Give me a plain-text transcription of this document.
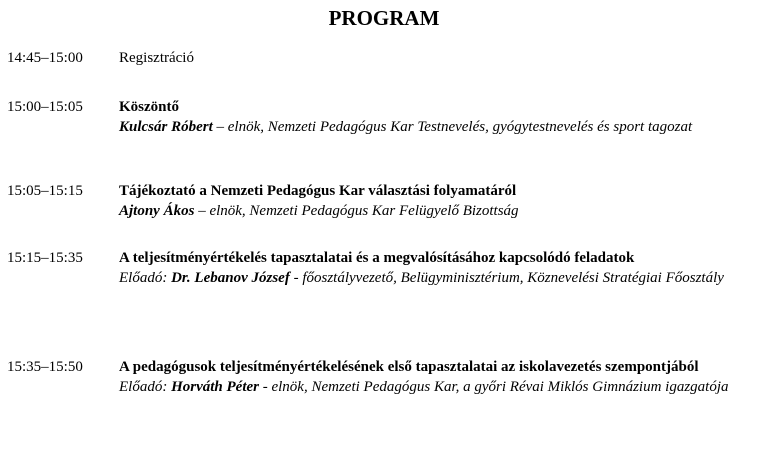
PROGRAM
14:45–15:00	Regisztráció
15:00–15:05	Köszöntő
Kulcsár Róbert – elnök, Nemzeti Pedagógus Kar Testnevelés, gyógytestnevelés és sport tagozat
15:05–15:15	Tájékoztató a Nemzeti Pedagógus Kar választási folyamatáról
Ajtony Ákos – elnök, Nemzeti Pedagógus Kar Felügyelő Bizottság
15:15–15:35	A teljesítményértékelés tapasztalatai és a megvalósításához kapcsolódó feladatok
Előadó: Dr. Lebanov József - főosztályvezető, Belügyminisztérium, Köznevelési Stratégiai Főosztály
15:35–15:50	A pedagógusok teljesítményértékelésének első tapasztalatai az iskolavezetés szempontjából
Előadó: Horváth Péter - elnök, Nemzeti Pedagógus Kar, a győri Révai Miklós Gimnázium igazgatója
